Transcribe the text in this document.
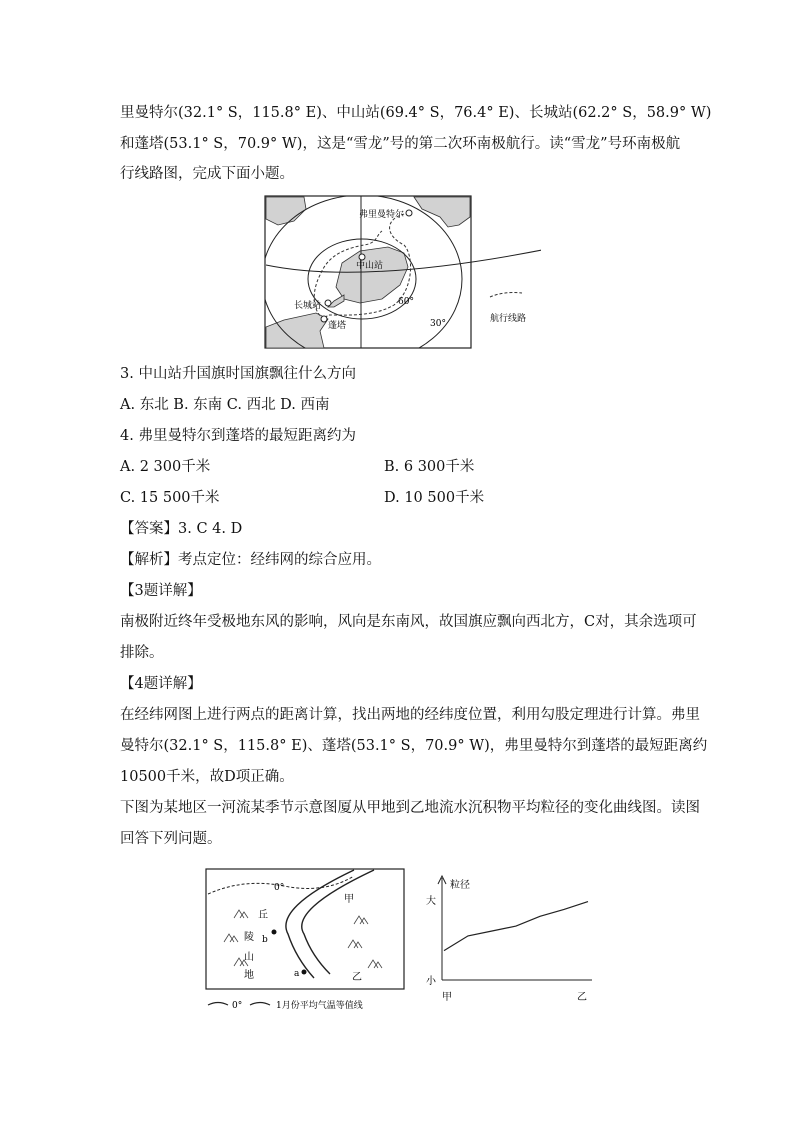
里曼特尔(32.1° S，115.8° E)、中山站(69.4° S，76.4° E)、长城站(62.2° S，58.9° W)
和蓬塔(53.1° S，70.9° W)，这是“雪龙”号的第二次环南极航行。读“雪龙”号环南极航
行线路图，完成下面小题。
弗里曼特尔
中山站
长城站
蓬塔
60°
30°	航行线路
3. 中山站升国旗时国旗飘往什么方向
A. 东北 B. 东南 C. 西北 D. 西南
4. 弗里曼特尔到蓬塔的最短距离约为
A. 2 300千米	B. 6 300千米
C. 15 500千米	D. 10 500千米
【答案】3. C 4. D
【解析】考点定位：经纬网的综合应用。
【3题详解】
南极附近终年受极地东风的影响，风向是东南风，故国旗应飘向西北方，C对，其余选项可
排除。
【4题详解】
在经纬网图上进行两点的距离计算，找出两地的经纬度位置，利用勾股定理进行计算。弗里
曼特尔(32.1° S，115.8° E)、蓬塔(53.1° S，70.9° W)，弗里曼特尔到蓬塔的最短距离约
10500千米，故D项正确。
下图为某地区一河流某季节示意图厦从甲地到乙地流水沉积物平均粒径的变化曲线图。读图
回答下列问题。
0°
甲
乙
a
b
丘
陵
山
地
0°	1月份平均气温等值线
粒径
大
小
甲	乙
